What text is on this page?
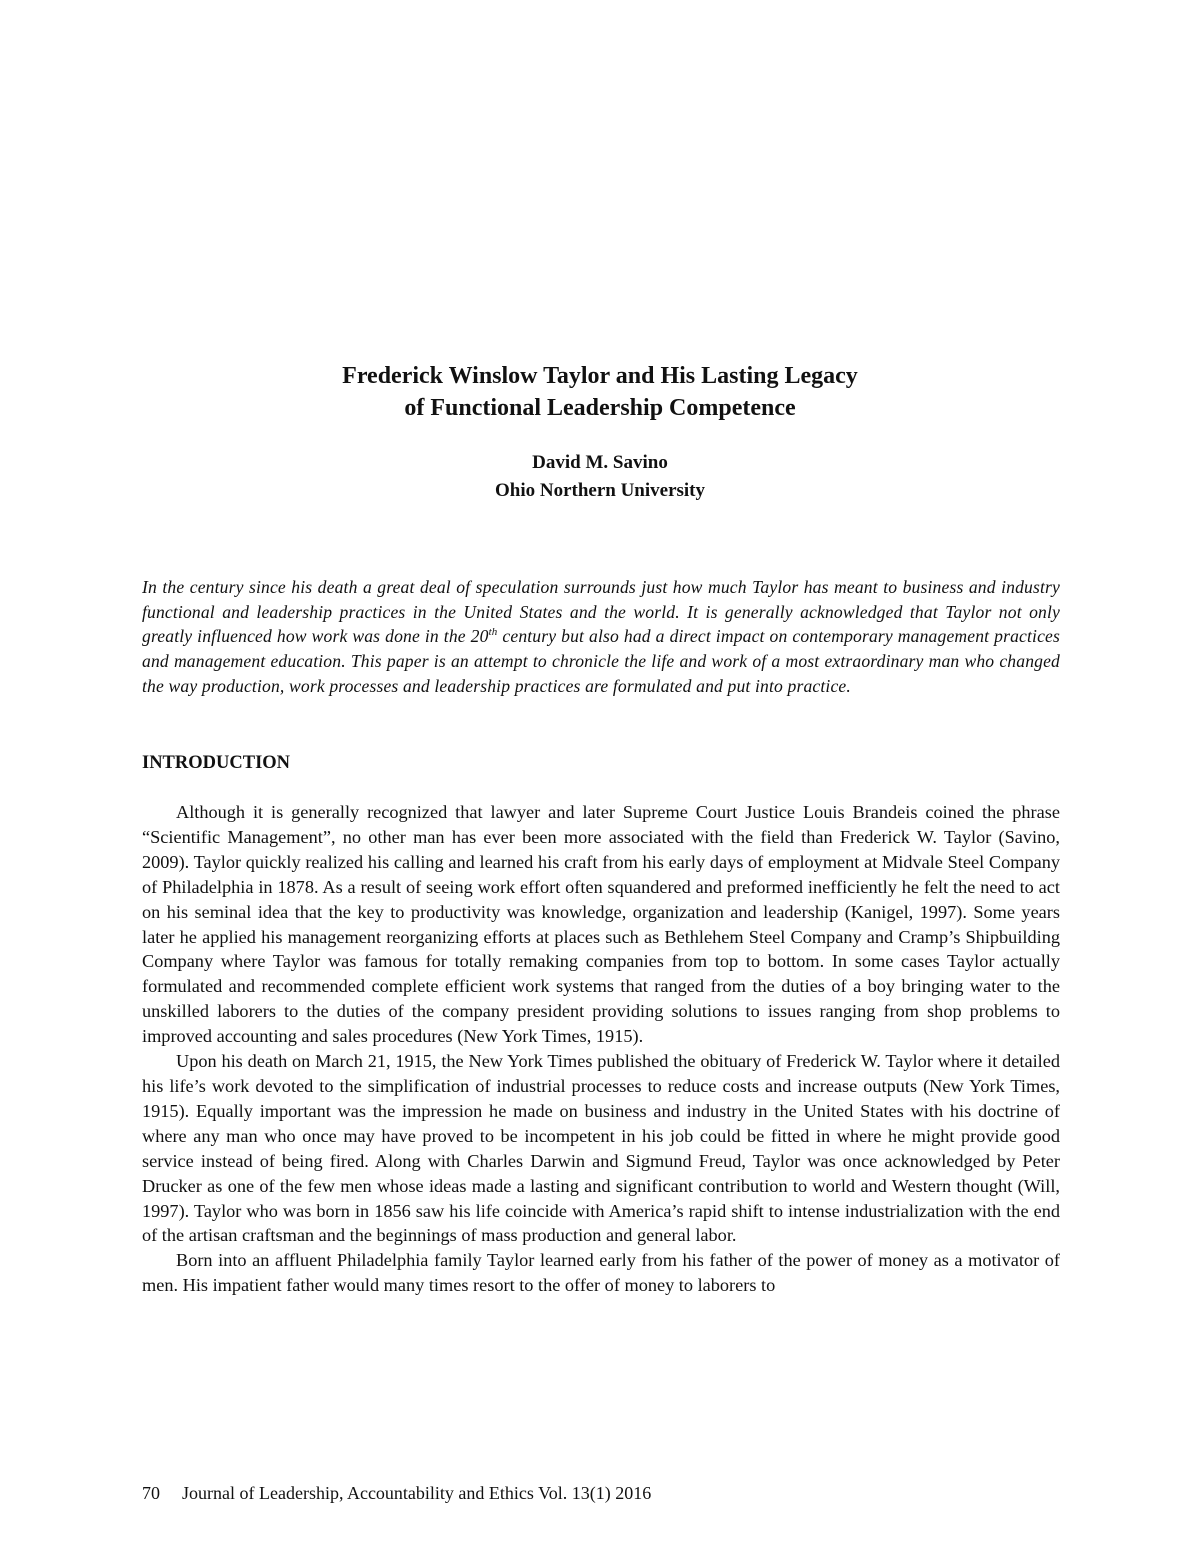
Frederick Winslow Taylor and His Lasting Legacy
of Functional Leadership Competence
David M. Savino
Ohio Northern University
In the century since his death a great deal of speculation surrounds just how much Taylor has meant to business and industry functional and leadership practices in the United States and the world. It is generally acknowledged that Taylor not only greatly influenced how work was done in the 20th century but also had a direct impact on contemporary management practices and management education. This paper is an attempt to chronicle the life and work of a most extraordinary man who changed the way production, work processes and leadership practices are formulated and put into practice.
INTRODUCTION

Although it is generally recognized that lawyer and later Supreme Court Justice Louis Brandeis coined the phrase “Scientific Management”, no other man has ever been more associated with the field than Frederick W. Taylor (Savino, 2009). Taylor quickly realized his calling and learned his craft from his early days of employment at Midvale Steel Company of Philadelphia in 1878. As a result of seeing work effort often squandered and preformed inefficiently he felt the need to act on his seminal idea that the key to productivity was knowledge, organization and leadership (Kanigel, 1997). Some years later he applied his management reorganizing efforts at places such as Bethlehem Steel Company and Cramp’s Shipbuilding Company where Taylor was famous for totally remaking companies from top to bottom. In some cases Taylor actually formulated and recommended complete efficient work systems that ranged from the duties of a boy bringing water to the unskilled laborers to the duties of the company president providing solutions to issues ranging from shop problems to improved accounting and sales procedures (New York Times, 1915).

Upon his death on March 21, 1915, the New York Times published the obituary of Frederick W. Taylor where it detailed his life’s work devoted to the simplification of industrial processes to reduce costs and increase outputs (New York Times, 1915). Equally important was the impression he made on business and industry in the United States with his doctrine of where any man who once may have proved to be incompetent in his job could be fitted in where he might provide good service instead of being fired. Along with Charles Darwin and Sigmund Freud, Taylor was once acknowledged by Peter Drucker as one of the few men whose ideas made a lasting and significant contribution to world and Western thought (Will, 1997). Taylor who was born in 1856 saw his life coincide with America’s rapid shift to intense industrialization with the end of the artisan craftsman and the beginnings of mass production and general labor.

Born into an affluent Philadelphia family Taylor learned early from his father of the power of money as a motivator of men. His impatient father would many times resort to the offer of money to laborers to

70 Journal of Leadership, Accountability and Ethics Vol. 13(1) 2016
